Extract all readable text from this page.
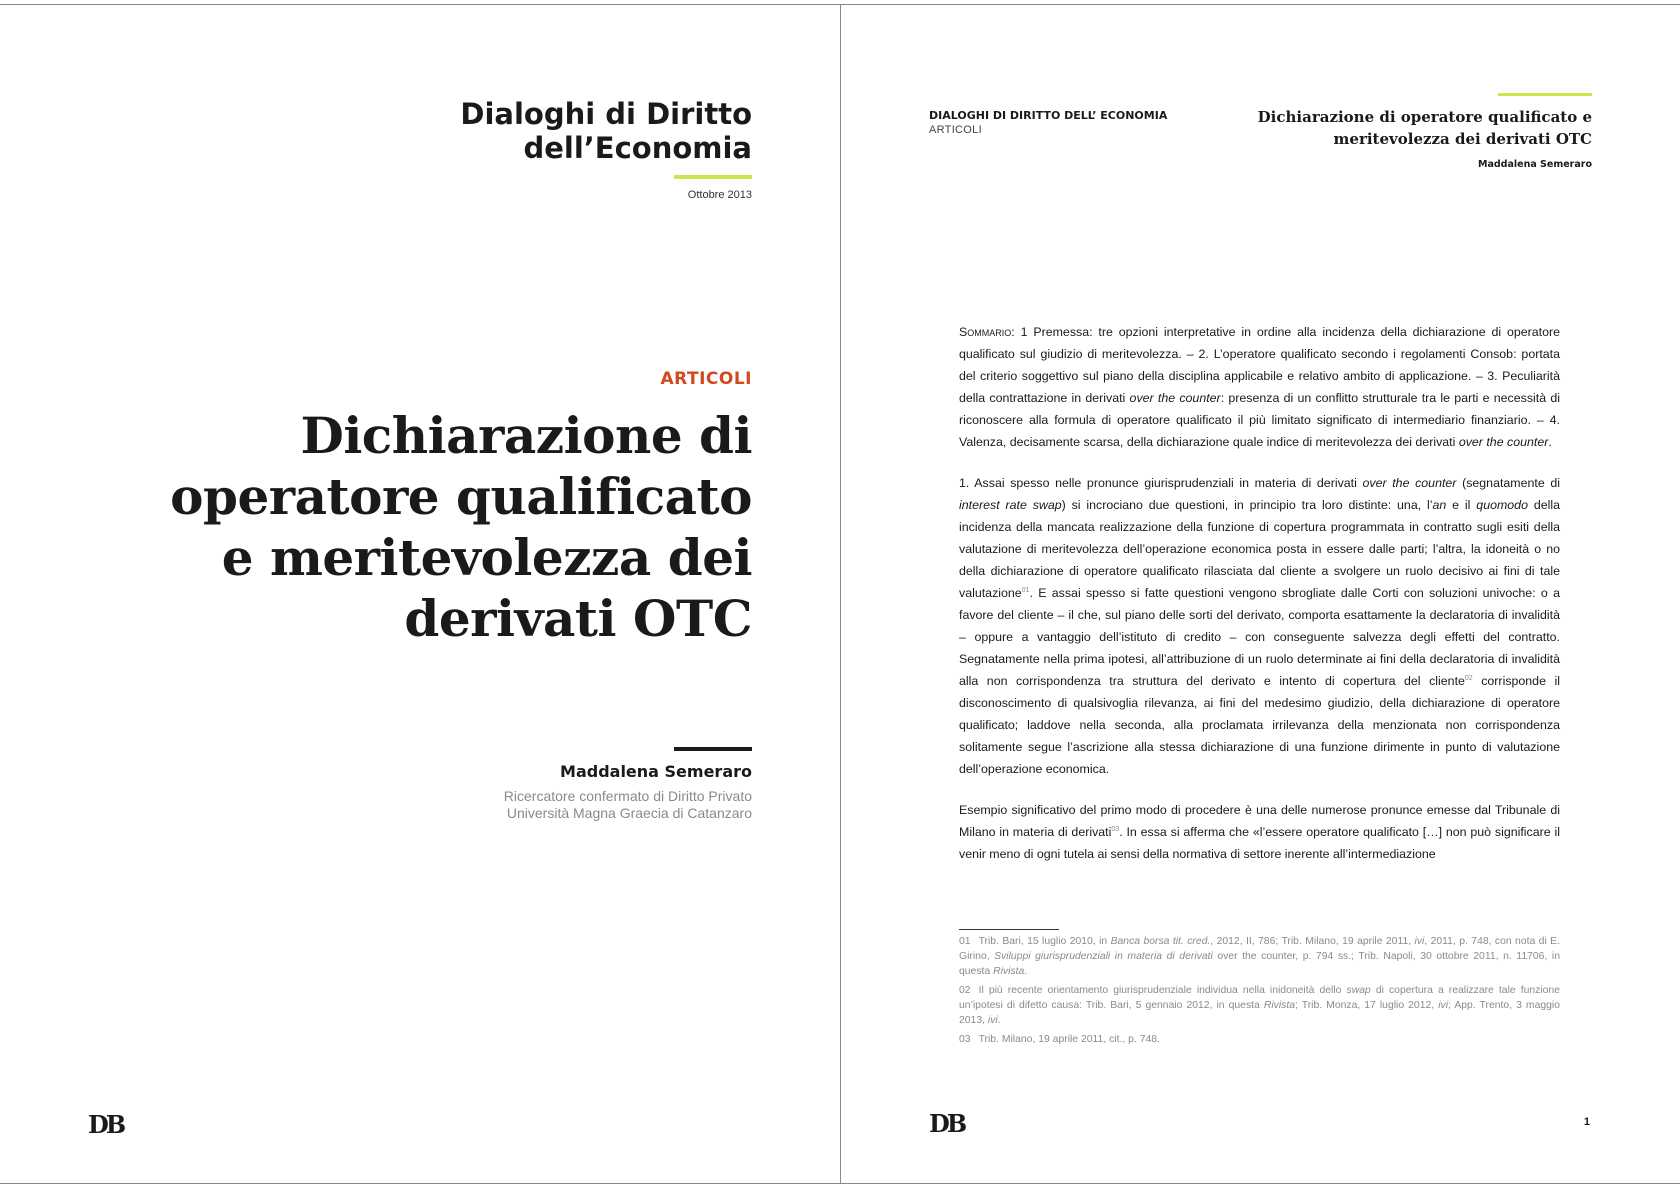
Dialoghi di Diritto
dell’Economia
Ottobre 2013
ARTICOLI
Dichiarazione di
operatore qualificato
e meritevolezza dei
derivati OTC
Maddalena Semeraro
Ricercatore confermato di Diritto Privato
Università Magna Graecia di Catanzaro
DB
DIALOGHI DI DIRITTO DELL’ ECONOMIA
ARTICOLI
Dichiarazione di operatore qualificato e
meritevolezza dei derivati OTC
Maddalena Semeraro

Sommario: 1 Premessa: tre opzioni interpretative in ordine alla incidenza della dichiarazione di operatore qualificato sul giudizio di meritevolezza. – 2. L’operatore qualificato secondo i regolamenti Consob: portata del criterio soggettivo sul piano della disciplina applicabile e relativo ambito di applicazione. – 3. Peculiarità della contrattazione in derivati over the counter: presenza di un conflitto strutturale tra le parti e necessità di riconoscere alla formula di operatore qualificato il più limitato significato di intermediario finanziario. – 4. Valenza, decisamente scarsa, della dichiarazione quale indice di meritevolezza dei derivati over the counter.

1. Assai spesso nelle pronunce giurisprudenziali in materia di derivati over the counter (segnatamente di interest rate swap) si incrociano due questioni, in principio tra loro distinte: una, l’an e il quomodo della incidenza della mancata realizzazione della funzione di copertura programmata in contratto sugli esiti della valutazione di meritevolezza dell’operazione economica posta in essere dalle parti; l’altra, la idoneità o no della dichiarazione di operatore qualificato rilasciata dal cliente a svolgere un ruolo decisivo ai fini di tale valutazione$^{01}$. E assai spesso si fatte questioni vengono sbrogliate dalle Corti con soluzioni univoche: o a favore del cliente – il che, sul piano delle sorti del derivato, comporta esattamente la declaratoria di invalidità – oppure a vantaggio dell’istituto di credito – con conseguente salvezza degli effetti del contratto. Segnatamente nella prima ipotesi, all’attribuzione di un ruolo determinate ai fini della declaratoria di invalidità alla non corrispondenza tra struttura del derivato e intento di copertura del cliente$^{02}$ corrisponde il disconoscimento di qualsivoglia rilevanza, ai fini del medesimo giudizio, della dichiarazione di operatore qualificato; laddove nella seconda, alla proclamata irrilevanza della menzionata non corrispondenza solitamente segue l’ascrizione alla stessa dichiarazione di una funzione dirimente in punto di valutazione dell’operazione economica.

Esempio significativo del primo modo di procedere è una delle numerose pronunce emesse dal Tribunale di Milano in materia di derivati$^{03}$. In essa si afferma che «l’essere operatore qualificato […] non può significare il venir meno di ogni tutela ai sensi della normativa di settore inerente all’intermediazione

01 Trib. Bari, 15 luglio 2010, in Banca borsa tit. cred., 2012, II, 786; Trib. Milano, 19 aprile 2011, ivi, 2011, p. 748, con nota di E. Girino, Sviluppi giurisprudenziali in materia di derivati over the counter, p. 794 ss.; Trib. Napoli, 30 ottobre 2011, n. 11706, in questa Rivista.
02 Il più recente orientamento giurisprudenziale individua nella inidoneità dello swap di copertura a realizzare tale funzione un’ipotesi di difetto causa: Trib. Bari, 5 gennaio 2012, in questa Rivista; Trib. Monza, 17 luglio 2012, ivi; App. Trento, 3 maggio 2013, ivi.
03 Trib. Milano, 19 aprile 2011, cit., p. 748.
DB	1
